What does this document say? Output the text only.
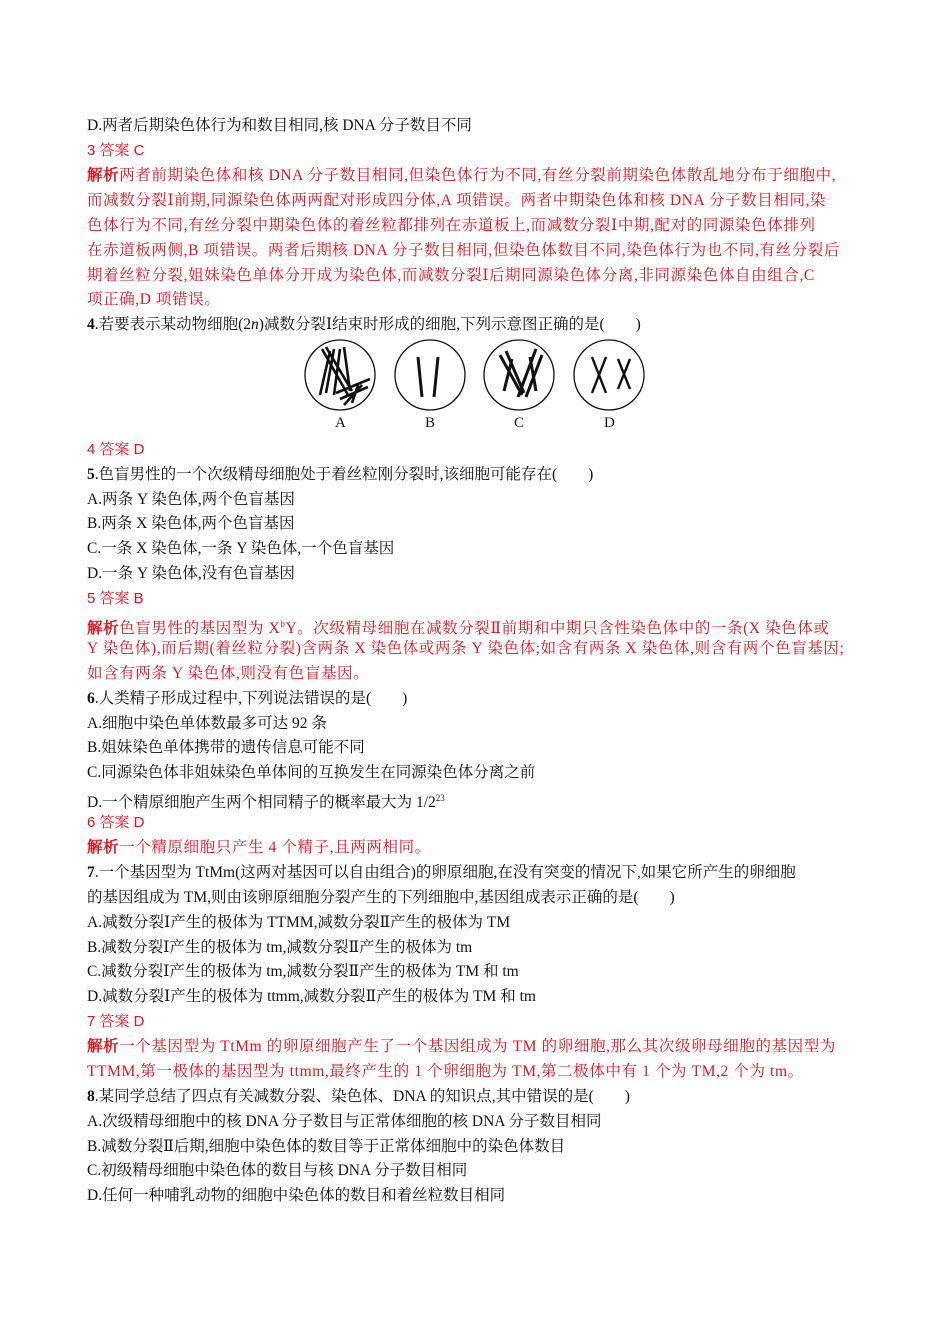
D.两者后期染色体行为和数目相同,核 DNA 分子数目不同
3 答案 C
解析两者前期染色体和核 DNA 分子数目相同,但染色体行为不同,有丝分裂前期染色体散乱地分布于细胞中,
而减数分裂Ⅰ前期,同源染色体两两配对形成四分体,A 项错误。两者中期染色体和核 DNA 分子数目相同,染
色体行为不同,有丝分裂中期染色体的着丝粒都排列在赤道板上,而减数分裂Ⅰ中期,配对的同源染色体排列
在赤道板两侧,B 项错误。两者后期核 DNA 分子数目相同,但染色体数目不同,染色体行为也不同,有丝分裂后
期着丝粒分裂,姐妹染色单体分开成为染色体,而减数分裂Ⅰ后期同源染色体分离,非同源染色体自由组合,C
项正确,D 项错误。
4.若要表示某动物细胞(2n)减数分裂Ⅰ结束时形成的细胞,下列示意图正确的是(　　)
A	B	C	D
4 答案 D
5.色盲男性的一个次级精母细胞处于着丝粒刚分裂时,该细胞可能存在(　　)
A.两条 Y 染色体,两个色盲基因
B.两条 X 染色体,两个色盲基因
C.一条 X 染色体,一条 Y 染色体,一个色盲基因
D.一条 Y 染色体,没有色盲基因
5 答案 B
解析色盲男性的基因型为 $X^bY$。次级精母细胞在减数分裂Ⅱ前期和中期只含性染色体中的一条(X 染色体或
Y 染色体),而后期(着丝粒分裂)含两条 X 染色体或两条 Y 染色体;如含有两条 X 染色体,则含有两个色盲基因;
如含有两条 Y 染色体,则没有色盲基因。
6.人类精子形成过程中,下列说法错误的是(　　)
A.细胞中染色单体数最多可达 92 条
B.姐妹染色单体携带的遗传信息可能不同
C.同源染色体非姐妹染色单体间的互换发生在同源染色体分离之前
D.一个精原细胞产生两个相同精子的概率最大为 $1/2^{23}$
6 答案 D
解析一个精原细胞只产生 4 个精子,且两两相同。
7.一个基因型为 TtMm(这两对基因可以自由组合)的卵原细胞,在没有突变的情况下,如果它所产生的卵细胞
的基因组成为 TM,则由该卵原细胞分裂产生的下列细胞中,基因组成表示正确的是(　　)
A.减数分裂Ⅰ产生的极体为 TTMM,减数分裂Ⅱ产生的极体为 TM
B.减数分裂Ⅰ产生的极体为 tm,减数分裂Ⅱ产生的极体为 tm
C.减数分裂Ⅰ产生的极体为 tm,减数分裂Ⅱ产生的极体为 TM 和 tm
D.减数分裂Ⅰ产生的极体为 ttmm,减数分裂Ⅱ产生的极体为 TM 和 tm
7 答案 D
解析一个基因型为 TtMm 的卵原细胞产生了一个基因组成为 TM 的卵细胞,那么其次级卵母细胞的基因型为
TTMM,第一极体的基因型为 ttmm,最终产生的 1 个卵细胞为 TM,第二极体中有 1 个为 TM,2 个为 tm。
8.某同学总结了四点有关减数分裂、染色体、DNA 的知识点,其中错误的是(　　)
A.次级精母细胞中的核 DNA 分子数目与正常体细胞的核 DNA 分子数目相同
B.减数分裂Ⅱ后期,细胞中染色体的数目等于正常体细胞中的染色体数目
C.初级精母细胞中染色体的数目与核 DNA 分子数目相同
D.任何一种哺乳动物的细胞中染色体的数目和着丝粒数目相同
